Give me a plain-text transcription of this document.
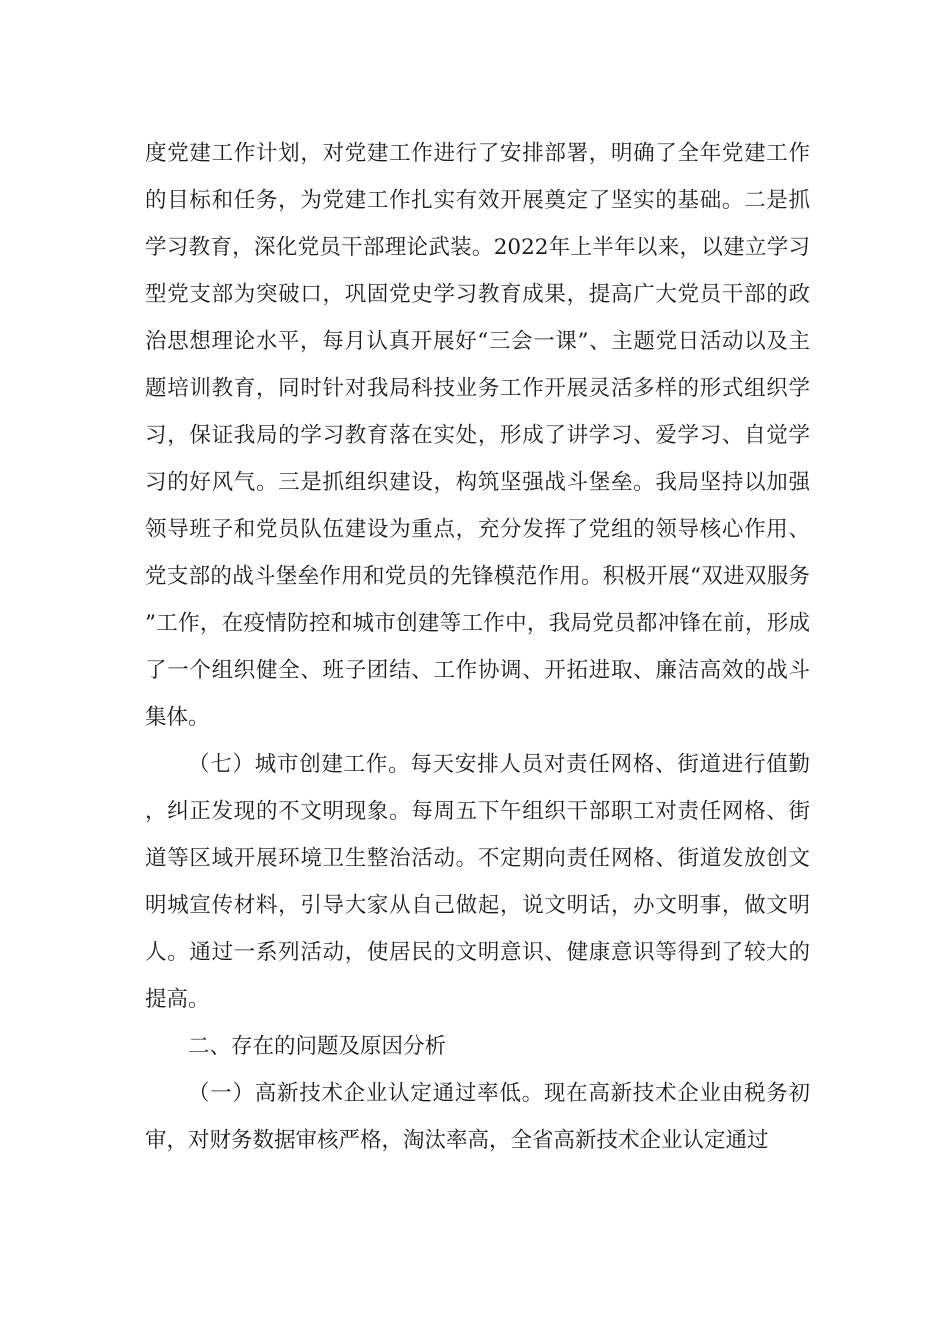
度党建工作计划，对党建工作进行了安排部署，明确了全年党建工作的目标和任务，为党建工作扎实有效开展奠定了坚实的基础。二是抓学习教育，深化党员干部理论武装。2022年上半年以来，以建立学习型党支部为突破口，巩固党史学习教育成果，提高广大党员干部的政治思想理论水平，每月认真开展好“三会一课”、主题党日活动以及主题培训教育，同时针对我局科技业务工作开展灵活多样的形式组织学习，保证我局的学习教育落在实处，形成了讲学习、爱学习、自觉学习的好风气。三是抓组织建设，构筑坚强战斗堡垒。我局坚持以加强领导班子和党员队伍建设为重点，充分发挥了党组的领导核心作用、党支部的战斗堡垒作用和党员的先锋模范作用。积极开展“双进双服务”工作，在疫情防控和城市创建等工作中，我局党员都冲锋在前，形成了一个组织健全、班子团结、工作协调、开拓进取、廉洁高效的战斗集体。

（七）城市创建工作。每天安排人员对责任网格、街道进行值勤，纠正发现的不文明现象。每周五下午组织干部职工对责任网格、街道等区域开展环境卫生整治活动。不定期向责任网格、街道发放创文明城宣传材料，引导大家从自己做起，说文明话，办文明事，做文明人。通过一系列活动，使居民的文明意识、健康意识等得到了较大的提高。

二、存在的问题及原因分析

（一）高新技术企业认定通过率低。现在高新技术企业由税务初审，对财务数据审核严格，淘汰率高，全省高新技术企业认定通过
